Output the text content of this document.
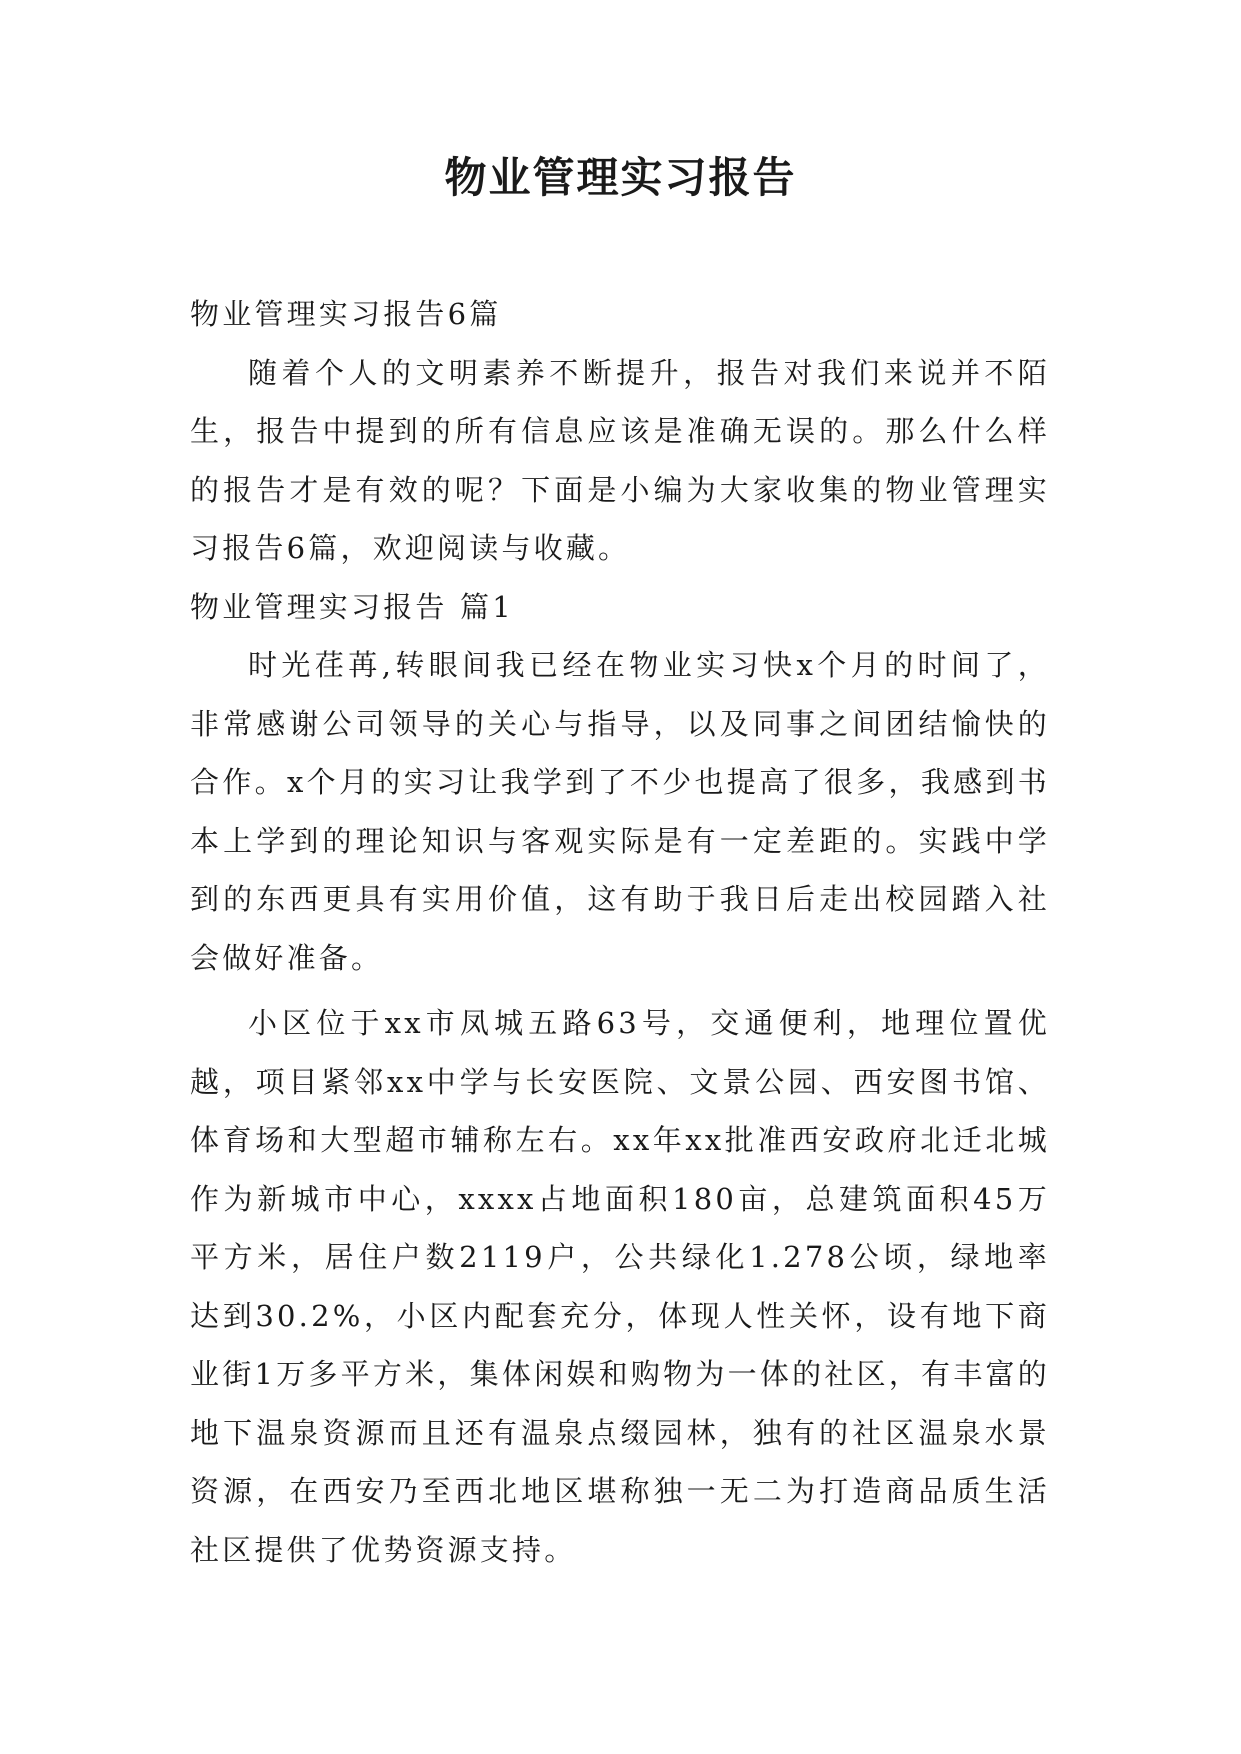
物业管理实习报告

物业管理实习报告6篇

随着个人的文明素养不断提升，报告对我们来说并不陌生，报告中提到的所有信息应该是准确无误的。那么什么样的报告才是有效的呢？下面是小编为大家收集的物业管理实习报告6篇，欢迎阅读与收藏。

物业管理实习报告 篇1

时光荏苒,转眼间我已经在物业实习快x个月的时间了，非常感谢公司领导的关心与指导，以及同事之间团结愉快的合作。x个月的实习让我学到了不少也提高了很多，我感到书本上学到的理论知识与客观实际是有一定差距的。实践中学到的东西更具有实用价值，这有助于我日后走出校园踏入社会做好准备。

小区位于xx市凤城五路63号，交通便利，地理位置优越，项目紧邻xx中学与长安医院、文景公园、西安图书馆、体育场和大型超市辅称左右。xx年xx批准西安政府北迁北城作为新城市中心，xxxx占地面积180亩，总建筑面积45万平方米，居住户数2119户，公共绿化1.278公顷，绿地率达到30.2%，小区内配套充分，体现人性关怀，设有地下商业街1万多平方米，集体闲娱和购物为一体的社区，有丰富的地下温泉资源而且还有温泉点缀园林，独有的社区温泉水景资源，在西安乃至西北地区堪称独一无二为打造商品质生活社区提供了优势资源支持。
